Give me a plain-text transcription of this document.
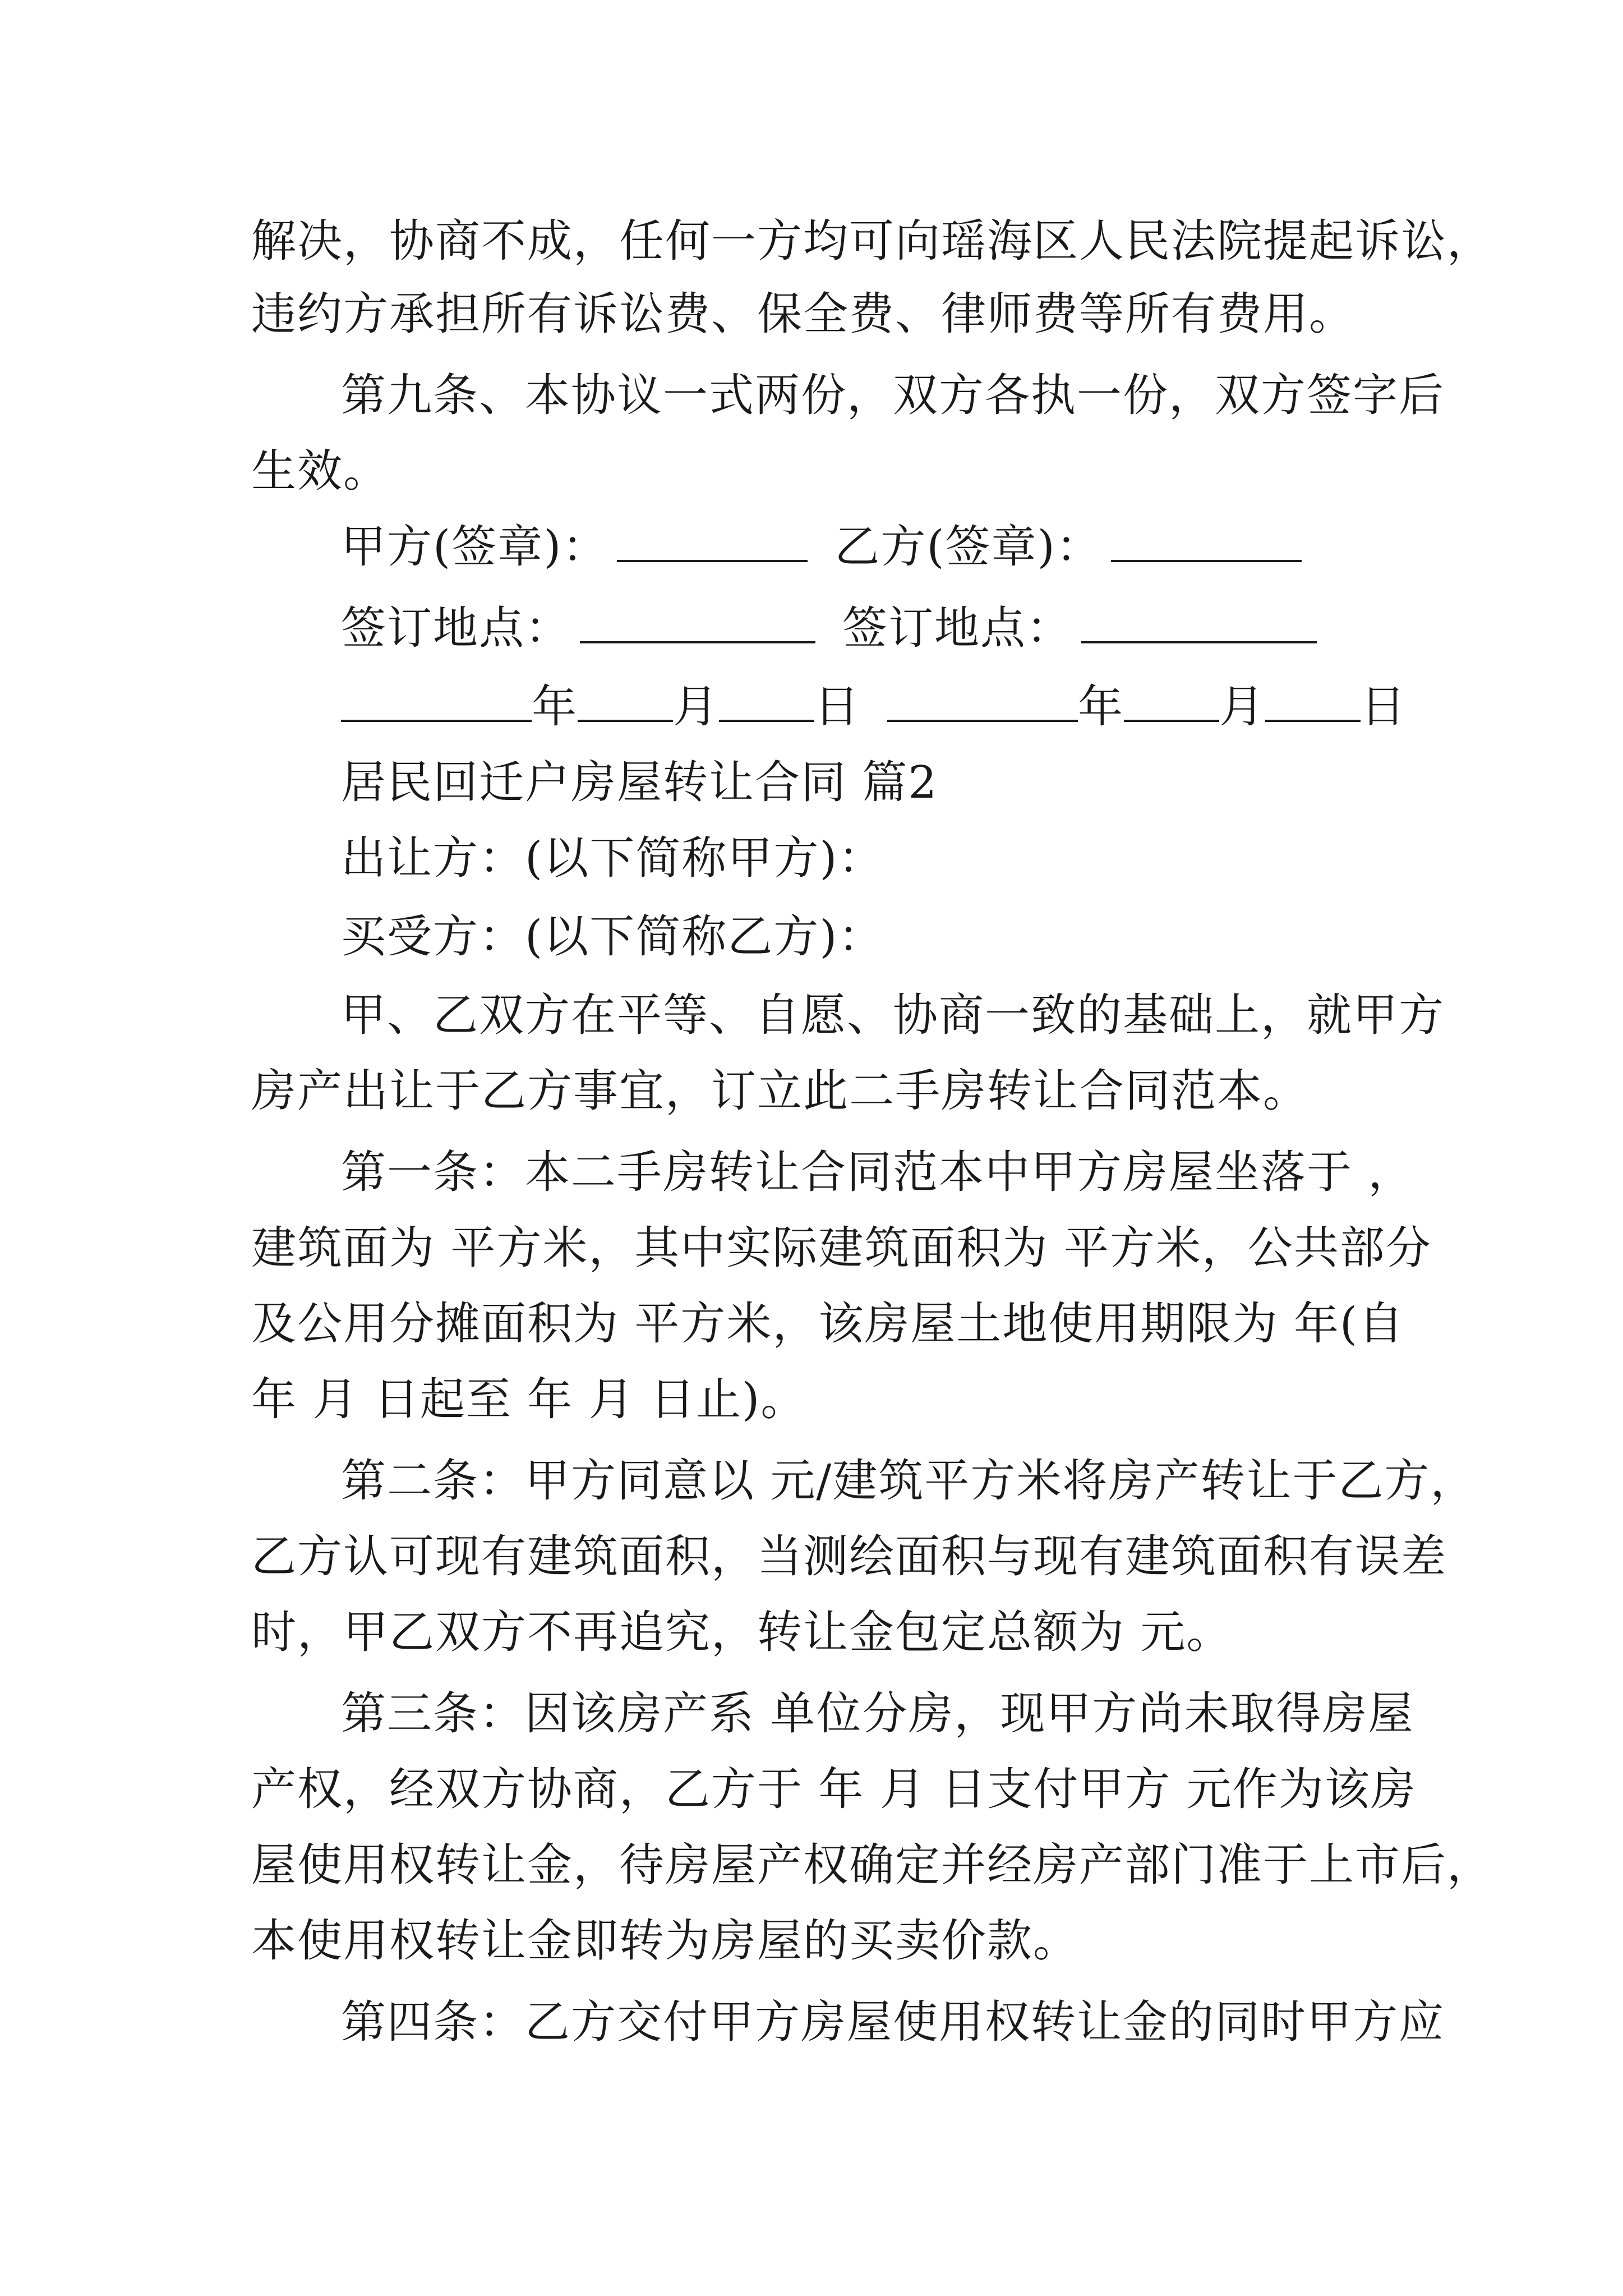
解决，协商不成，任何一方均可向瑶海区人民法院提起诉讼，
违约方承担所有诉讼费、保全费、律师费等所有费用。
第九条、本协议一式两份，双方各执一份，双方签字后
生效。
甲方(签章)：	乙方(签章)：
签订地点：	签订地点：
年 月 日	年 月 日
居民回迁户房屋转让合同 篇2
出让方：(以下简称甲方)：
买受方：(以下简称乙方)：
甲、乙双方在平等、自愿、协商一致的基础上，就甲方
房产出让于乙方事宜，订立此二手房转让合同范本。
第一条：本二手房转让合同范本中甲方房屋坐落于 ，
建筑面为 平方米，其中实际建筑面积为 平方米，公共部分
及公用分摊面积为 平方米，该房屋土地使用期限为 年(自
年 月 日起至 年 月 日止)。
第二条：甲方同意以 元/建筑平方米将房产转让于乙方，
乙方认可现有建筑面积，当测绘面积与现有建筑面积有误差
时，甲乙双方不再追究，转让金包定总额为 元。
第三条：因该房产系 单位分房，现甲方尚未取得房屋
产权，经双方协商，乙方于 年 月 日支付甲方 元作为该房
屋使用权转让金，待房屋产权确定并经房产部门准于上市后，
本使用权转让金即转为房屋的买卖价款。
第四条：乙方交付甲方房屋使用权转让金的同时甲方应
